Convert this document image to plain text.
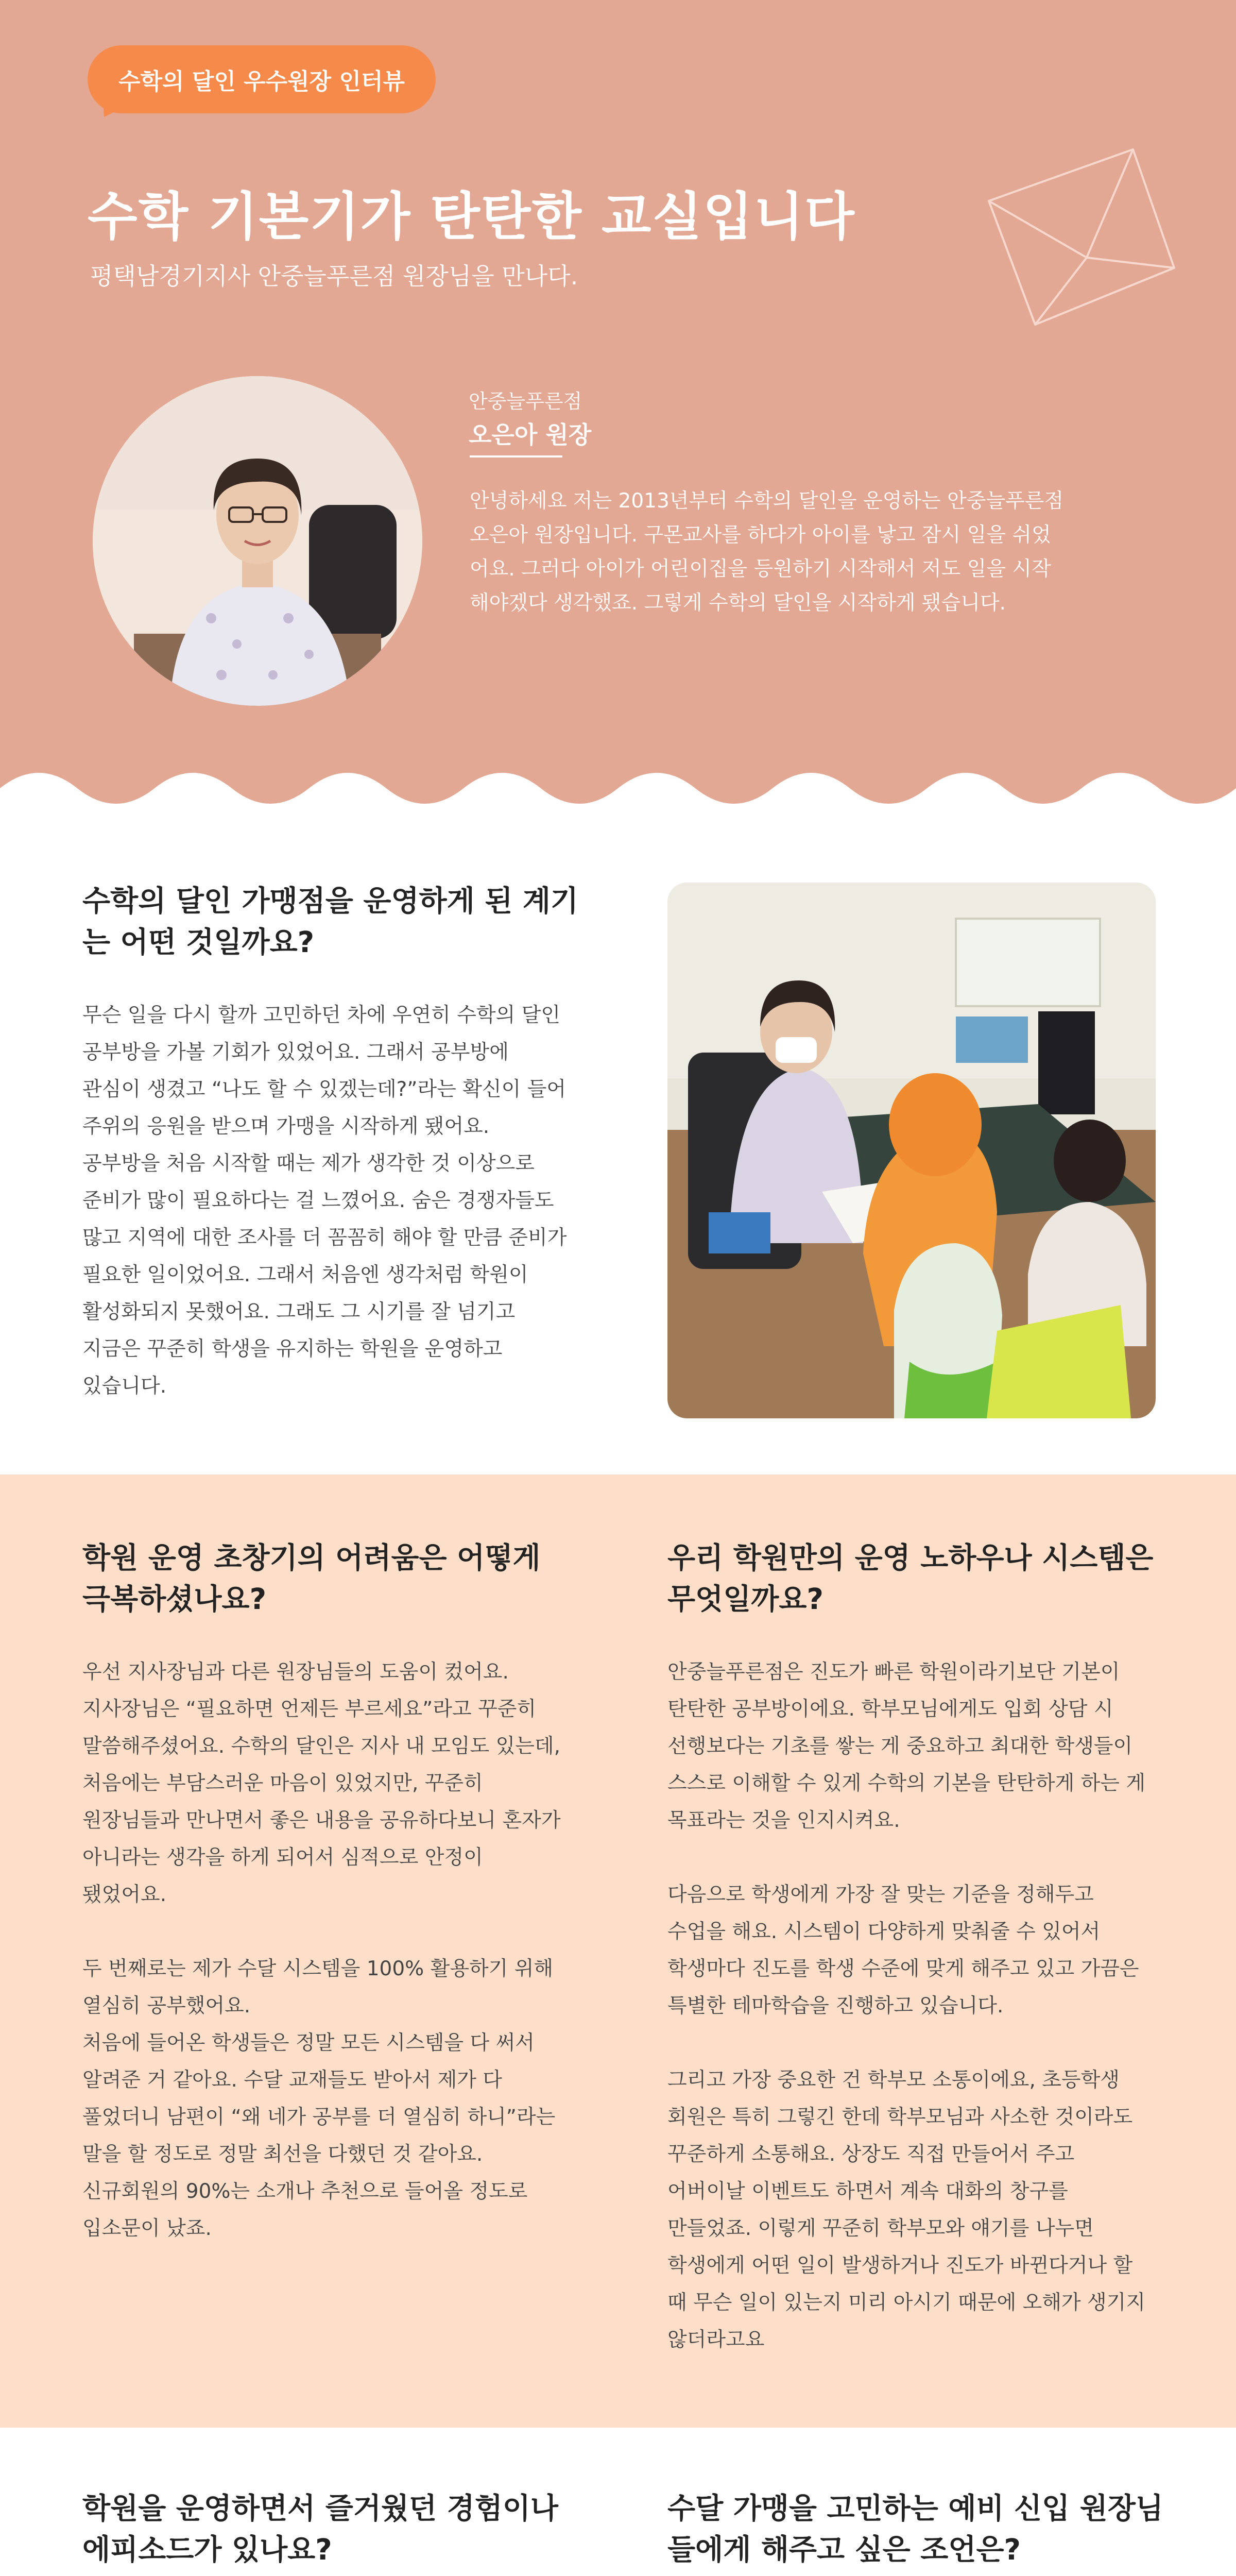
수학의 달인 우수원장 인터뷰
수학 기본기가 탄탄한 교실입니다
평택남경기지사 안중늘푸른점 원장님을 만나다.
안중늘푸른점
오은아 원장
안녕하세요 저는 2013년부터 수학의 달인을 운영하는 안중늘푸른점 오은아 원장입니다. 구몬교사를 하다가 아이를 낳고 잠시 일을 쉬었어요. 그러다 아이가 어린이집을 등원하기 시작해서 저도 일을 시작해야겠다 생각했죠. 그렇게 수학의 달인을 시작하게 됐습니다.
수학의 달인 가맹점을 운영하게 된 계기는 어떤 것일까요?
무슨 일을 다시 할까 고민하던 차에 우연히 수학의 달인
공부방을 가볼 기회가 있었어요. 그래서 공부방에
관심이 생겼고 “나도 할 수 있겠는데?”라는 확신이 들어
주위의 응원을 받으며 가맹을 시작하게 됐어요.
공부방을 처음 시작할 때는 제가 생각한 것 이상으로
준비가 많이 필요하다는 걸 느꼈어요. 숨은 경쟁자들도
많고 지역에 대한 조사를 더 꼼꼼히 해야 할 만큼 준비가
필요한 일이었어요. 그래서 처음엔 생각처럼 학원이
활성화되지 못했어요. 그래도 그 시기를 잘 넘기고
지금은 꾸준히 학생을 유지하는 학원을 운영하고
있습니다.
학원 운영 초창기의 어려움은 어떻게 극복하셨나요?
우선 지사장님과 다른 원장님들의 도움이 컸어요.
지사장님은 “필요하면 언제든 부르세요”라고 꾸준히
말씀해주셨어요. 수학의 달인은 지사 내 모임도 있는데,
처음에는 부담스러운 마음이 있었지만, 꾸준히
원장님들과 만나면서 좋은 내용을 공유하다보니 혼자가
아니라는 생각을 하게 되어서 심적으로 안정이
됐었어요.

두 번째로는 제가 수달 시스템을 100% 활용하기 위해
열심히 공부했어요.
처음에 들어온 학생들은 정말 모든 시스템을 다 써서
알려준 거 같아요. 수달 교재들도 받아서 제가 다
풀었더니 남편이 “왜 네가 공부를 더 열심히 하니”라는
말을 할 정도로 정말 최선을 다했던 것 같아요.
신규회원의 90%는 소개나 추천으로 들어올 정도로
입소문이 났죠.
우리 학원만의 운영 노하우나 시스템은 무엇일까요?
안중늘푸른점은 진도가 빠른 학원이라기보단 기본이
탄탄한 공부방이에요. 학부모님에게도 입회 상담 시
선행보다는 기초를 쌓는 게 중요하고 최대한 학생들이
스스로 이해할 수 있게 수학의 기본을 탄탄하게 하는 게
목표라는 것을 인지시켜요.

다음으로 학생에게 가장 잘 맞는 기준을 정해두고
수업을 해요. 시스템이 다양하게 맞춰줄 수 있어서
학생마다 진도를 학생 수준에 맞게 해주고 있고 가끔은
특별한 테마학습을 진행하고 있습니다.

그리고 가장 중요한 건 학부모 소통이에요, 초등학생
회원은 특히 그렇긴 한데 학부모님과 사소한 것이라도
꾸준하게 소통해요. 상장도 직접 만들어서 주고
어버이날 이벤트도 하면서 계속 대화의 창구를
만들었죠. 이렇게 꾸준히 학부모와 얘기를 나누면
학생에게 어떤 일이 발생하거나 진도가 바뀐다거나 할
때 무슨 일이 있는지 미리 아시기 때문에 오해가 생기지
않더라고요
학원을 운영하면서 즐거웠던 경험이나 에피소드가 있나요?
수달 가맹을 고민하는 예비 신입 원장님들에게 해주고 싶은 조언은?
